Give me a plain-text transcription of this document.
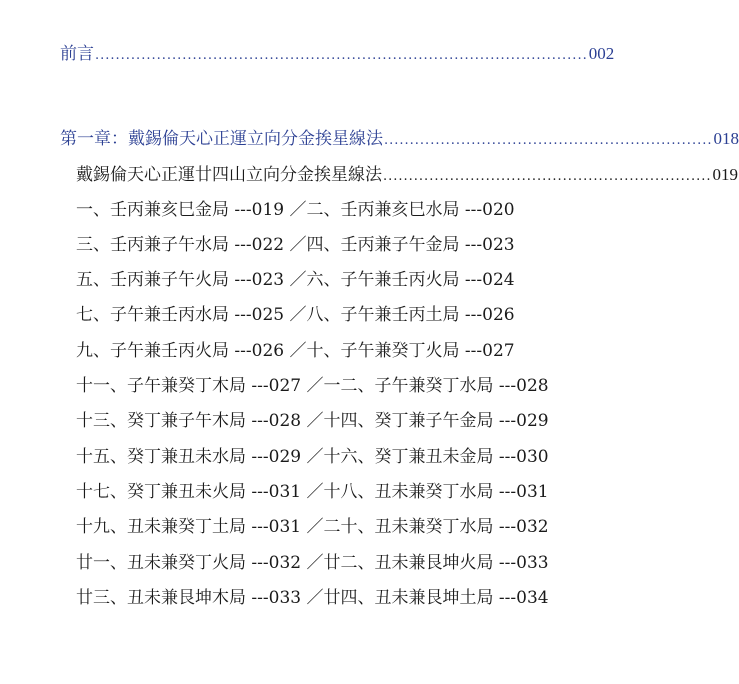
前言 ................................................................................................ 002
第一章：戴錫倫天心正運立向分金挨星線法 ................................................................ 018
戴錫倫天心正運廿四山立向分金挨星線法 ................................................................ 019
一、壬丙兼亥巳金局 ---019 ／二、壬丙兼亥巳水局 ---020
三、壬丙兼子午水局 ---022 ／四、壬丙兼子午金局 ---023
五、壬丙兼子午火局 ---023 ／六、子午兼壬丙火局 ---024
七、子午兼壬丙水局 ---025 ／八、子午兼壬丙土局 ---026
九、子午兼壬丙火局 ---026 ／十、子午兼癸丁火局 ---027
十一、子午兼癸丁木局 ---027 ／一二、子午兼癸丁水局 ---028
十三、癸丁兼子午木局 ---028 ／十四、癸丁兼子午金局 ---029
十五、癸丁兼丑未水局 ---029 ／十六、癸丁兼丑未金局 ---030
十七、癸丁兼丑未火局 ---031 ／十八、丑未兼癸丁水局 ---031
十九、丑未兼癸丁土局 ---031 ／二十、丑未兼癸丁水局 ---032
廿一、丑未兼癸丁火局 ---032 ／廿二、丑未兼艮坤火局 ---033
廿三、丑未兼艮坤木局 ---033 ／廿四、丑未兼艮坤土局 ---034
